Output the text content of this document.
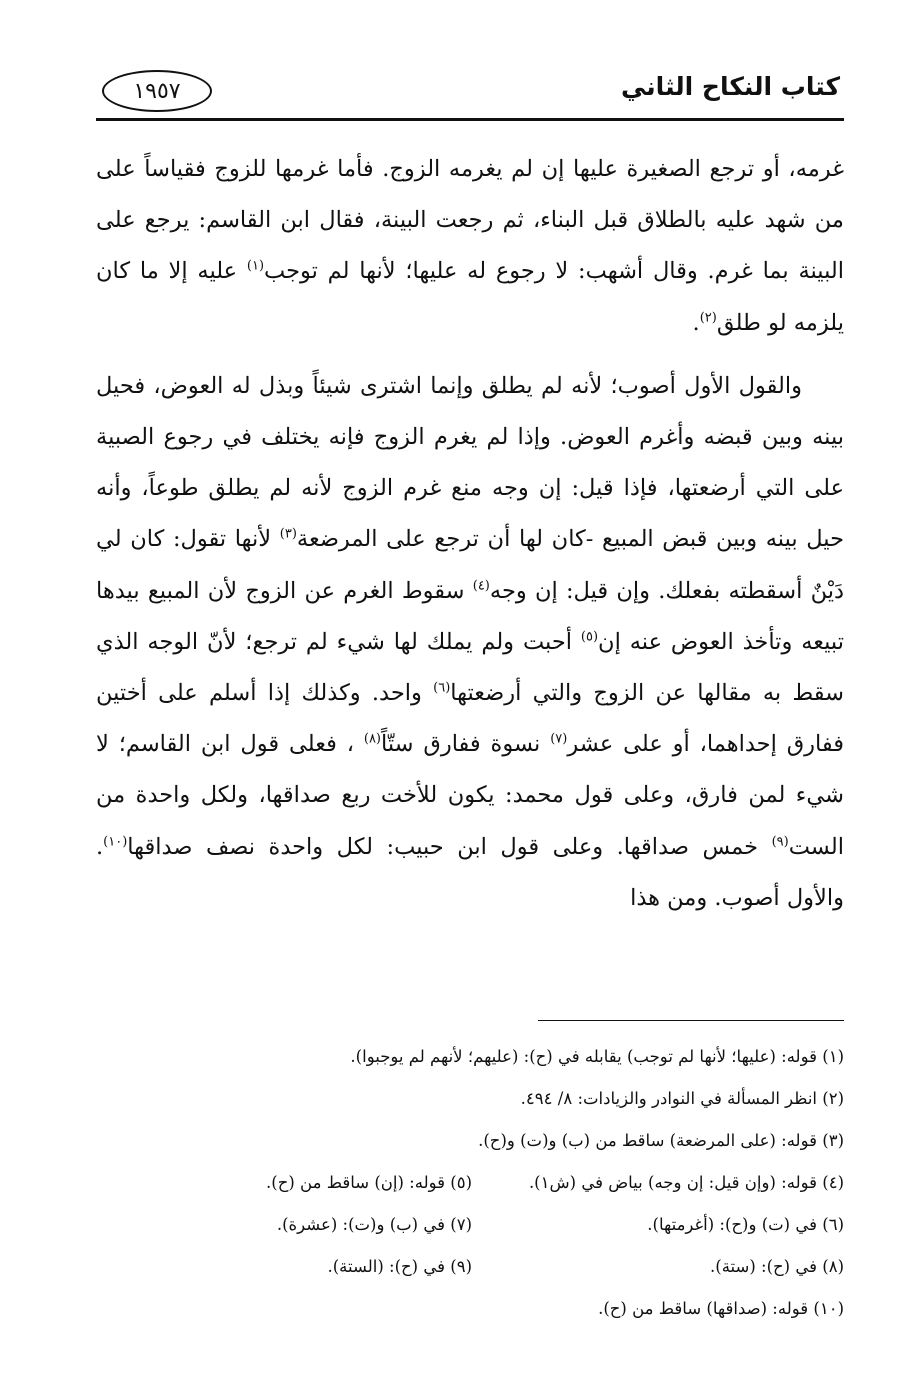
كتاب النكاح الثاني
١٩٥٧

غرمه، أو ترجع الصغيرة عليها إن لم يغرمه الزوج. فأما غرمها للزوج فقياساً على من شهد عليه بالطلاق قبل البناء، ثم رجعت البينة، فقال ابن القاسم: يرجع على البينة بما غرم. وقال أشهب: لا رجوع له عليها؛ لأنها لم توجب$^{(١)}$ عليه إلا ما كان يلزمه لو طلق$^{(٢)}$.

والقول الأول أصوب؛ لأنه لم يطلق وإنما اشترى شيئاً وبذل له العوض، فحيل بينه وبين قبضه وأغرم العوض. وإذا لم يغرم الزوج فإنه يختلف في رجوع الصبية على التي أرضعتها، فإذا قيل: إن وجه منع غرم الزوج لأنه لم يطلق طوعاً، وأنه حيل بينه وبين قبض المبيع -كان لها أن ترجع على المرضعة$^{(٣)}$ لأنها تقول: كان لي دَيْنٌ أسقطته بفعلك. وإن قيل: إن وجه$^{(٤)}$ سقوط الغرم عن الزوج لأن المبيع بيدها تبيعه وتأخذ العوض عنه إن$^{(٥)}$ أحبت ولم يملك لها شيء لم ترجع؛ لأنّ الوجه الذي سقط به مقالها عن الزوج والتي أرضعتها$^{(٦)}$ واحد. وكذلك إذا أسلم على أختين ففارق إحداهما، أو على عشر$^{(٧)}$ نسوة ففارق ستّاً$^{(٨)}$ ، فعلى قول ابن القاسم؛ لا شيء لمن فارق، وعلى قول محمد: يكون للأخت ربع صداقها، ولكل واحدة من الست$^{(٩)}$ خمس صداقها. وعلى قول ابن حبيب: لكل واحدة نصف صداقها$^{(١٠)}$. والأول أصوب. ومن هذا

(١) قوله: (عليها؛ لأنها لم توجب) يقابله في (ح): (عليهم؛ لأنهم لم يوجبوا).
(٢) انظر المسألة في النوادر والزيادات: ٨/ ٤٩٤.
(٣) قوله: (على المرضعة) ساقط من (ب) و(ت) و(ح).
(٤) قوله: (وإن قيل: إن وجه) بياض في (ش١).
(٥) قوله: (إن) ساقط من (ح).
(٦) في (ت) و(ح): (أغرمتها).
(٧) في (ب) و(ت): (عشرة).
(٨) في (ح): (ستة).
(٩) في (ح): (الستة).
(١٠) قوله: (صداقها) ساقط من (ح).
